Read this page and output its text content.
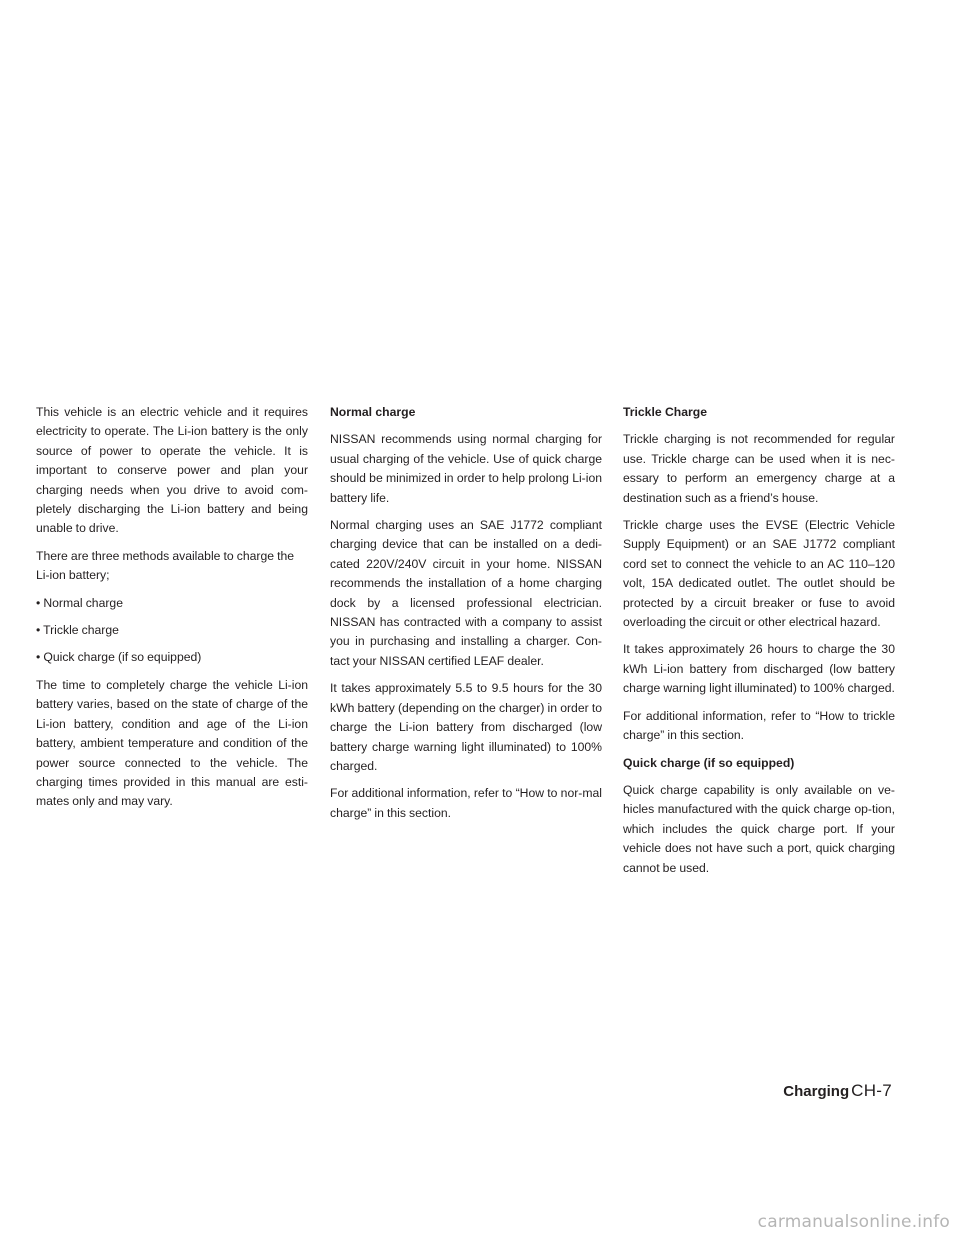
This vehicle is an electric vehicle and it requires electricity to operate. The Li-ion battery is the only source of power to operate the vehicle. It is important to conserve power and plan your charging needs when you drive to avoid com-pletely discharging the Li-ion battery and being unable to drive.

There are three methods available to charge the Li-ion battery;

• Normal charge

• Trickle charge

• Quick charge (if so equipped)

The time to completely charge the vehicle Li-ion battery varies, based on the state of charge of the Li-ion battery, condition and age of the Li-ion battery, ambient temperature and condition of the power source connected to the vehicle. The charging times provided in this manual are esti-mates only and may vary.

Normal charge

NISSAN recommends using normal charging for usual charging of the vehicle. Use of quick charge should be minimized in order to help prolong Li-ion battery life.

Normal charging uses an SAE J1772 compliant charging device that can be installed on a dedi-cated 220V/240V circuit in your home. NISSAN recommends the installation of a home charging dock by a licensed professional electrician. NISSAN has contracted with a company to assist you in purchasing and installing a charger. Con-tact your NISSAN certified LEAF dealer.

It takes approximately 5.5 to 9.5 hours for the 30 kWh battery (depending on the charger) in order to charge the Li-ion battery from discharged (low battery charge warning light illuminated) to 100% charged.

For additional information, refer to “How to nor-mal charge” in this section.

Trickle Charge

Trickle charging is not recommended for regular use. Trickle charge can be used when it is nec-essary to perform an emergency charge at a destination such as a friend’s house.

Trickle charge uses the EVSE (Electric Vehicle Supply Equipment) or an SAE J1772 compliant cord set to connect the vehicle to an AC 110–120 volt, 15A dedicated outlet. The outlet should be protected by a circuit breaker or fuse to avoid overloading the circuit or other electrical hazard.

It takes approximately 26 hours to charge the 30 kWh Li-ion battery from discharged (low battery charge warning light illuminated) to 100% charged.

For additional information, refer to “How to trickle charge” in this section.

Quick charge (if so equipped)

Quick charge capability is only available on ve-hicles manufactured with the quick charge op-tion, which includes the quick charge port. If your vehicle does not have such a port, quick charging cannot be used.

Charging CH-7
carmanualsonline.info
